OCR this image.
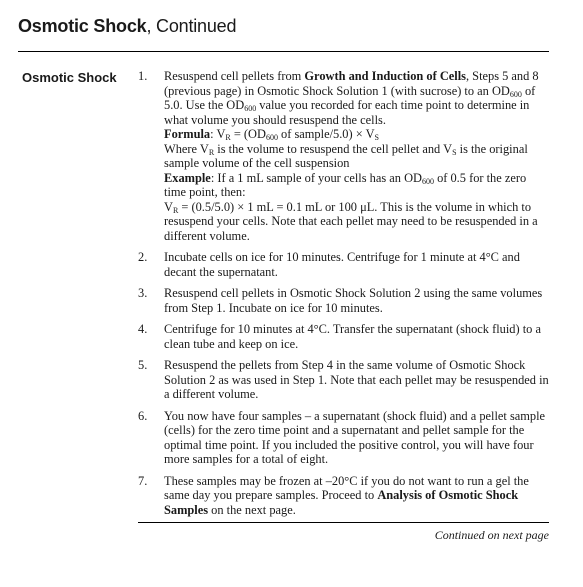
Osmotic Shock, Continued
Osmotic Shock 1.	Resuspend cell pellets from Growth and Induction of Cells, Steps 5 and 8 (previous page) in Osmotic Shock Solution 1 (with sucrose) to an $OD_{600}$ of 5.0. Use the $OD_{600}$ value you recorded for each time point to determine in what volume you should resuspend the cells.

Formula: $V_R = (OD_{600}$ of sample/5.0) × $V_S$

Where $V_R$ is the volume to resuspend the cell pellet and $V_S$ is the original sample volume of the cell suspension

Example: If a 1 mL sample of your cells has an $OD_{600}$ of 0.5 for the zero time point, then:

$V_R = (0.5/5.0) \times 1$ mL = 0.1 mL or 100 μL. This is the volume in which to resuspend your cells. Note that each pellet may need to be resuspended in a different volume.

2.	Incubate cells on ice for 10 minutes. Centrifuge for 1 minute at 4°C and decant the supernatant.
3.	Resuspend cell pellets in Osmotic Shock Solution 2 using the same volumes from Step 1. Incubate on ice for 10 minutes.
4.	Centrifuge for 10 minutes at 4°C. Transfer the supernatant (shock fluid) to a clean tube and keep on ice.
5.	Resuspend the pellets from Step 4 in the same volume of Osmotic Shock Solution 2 as was used in Step 1. Note that each pellet may be resuspended in a different volume.
6.	You now have four samples – a supernatant (shock fluid) and a pellet sample (cells) for the zero time point and a supernatant and pellet sample for the optimal time point. If you included the positive control, you will have four more samples for a total of eight.
7.	These samples may be frozen at –20°C if you do not want to run a gel the same day you prepare samples. Proceed to Analysis of Osmotic Shock Samples on the next page.
Continued on next page
